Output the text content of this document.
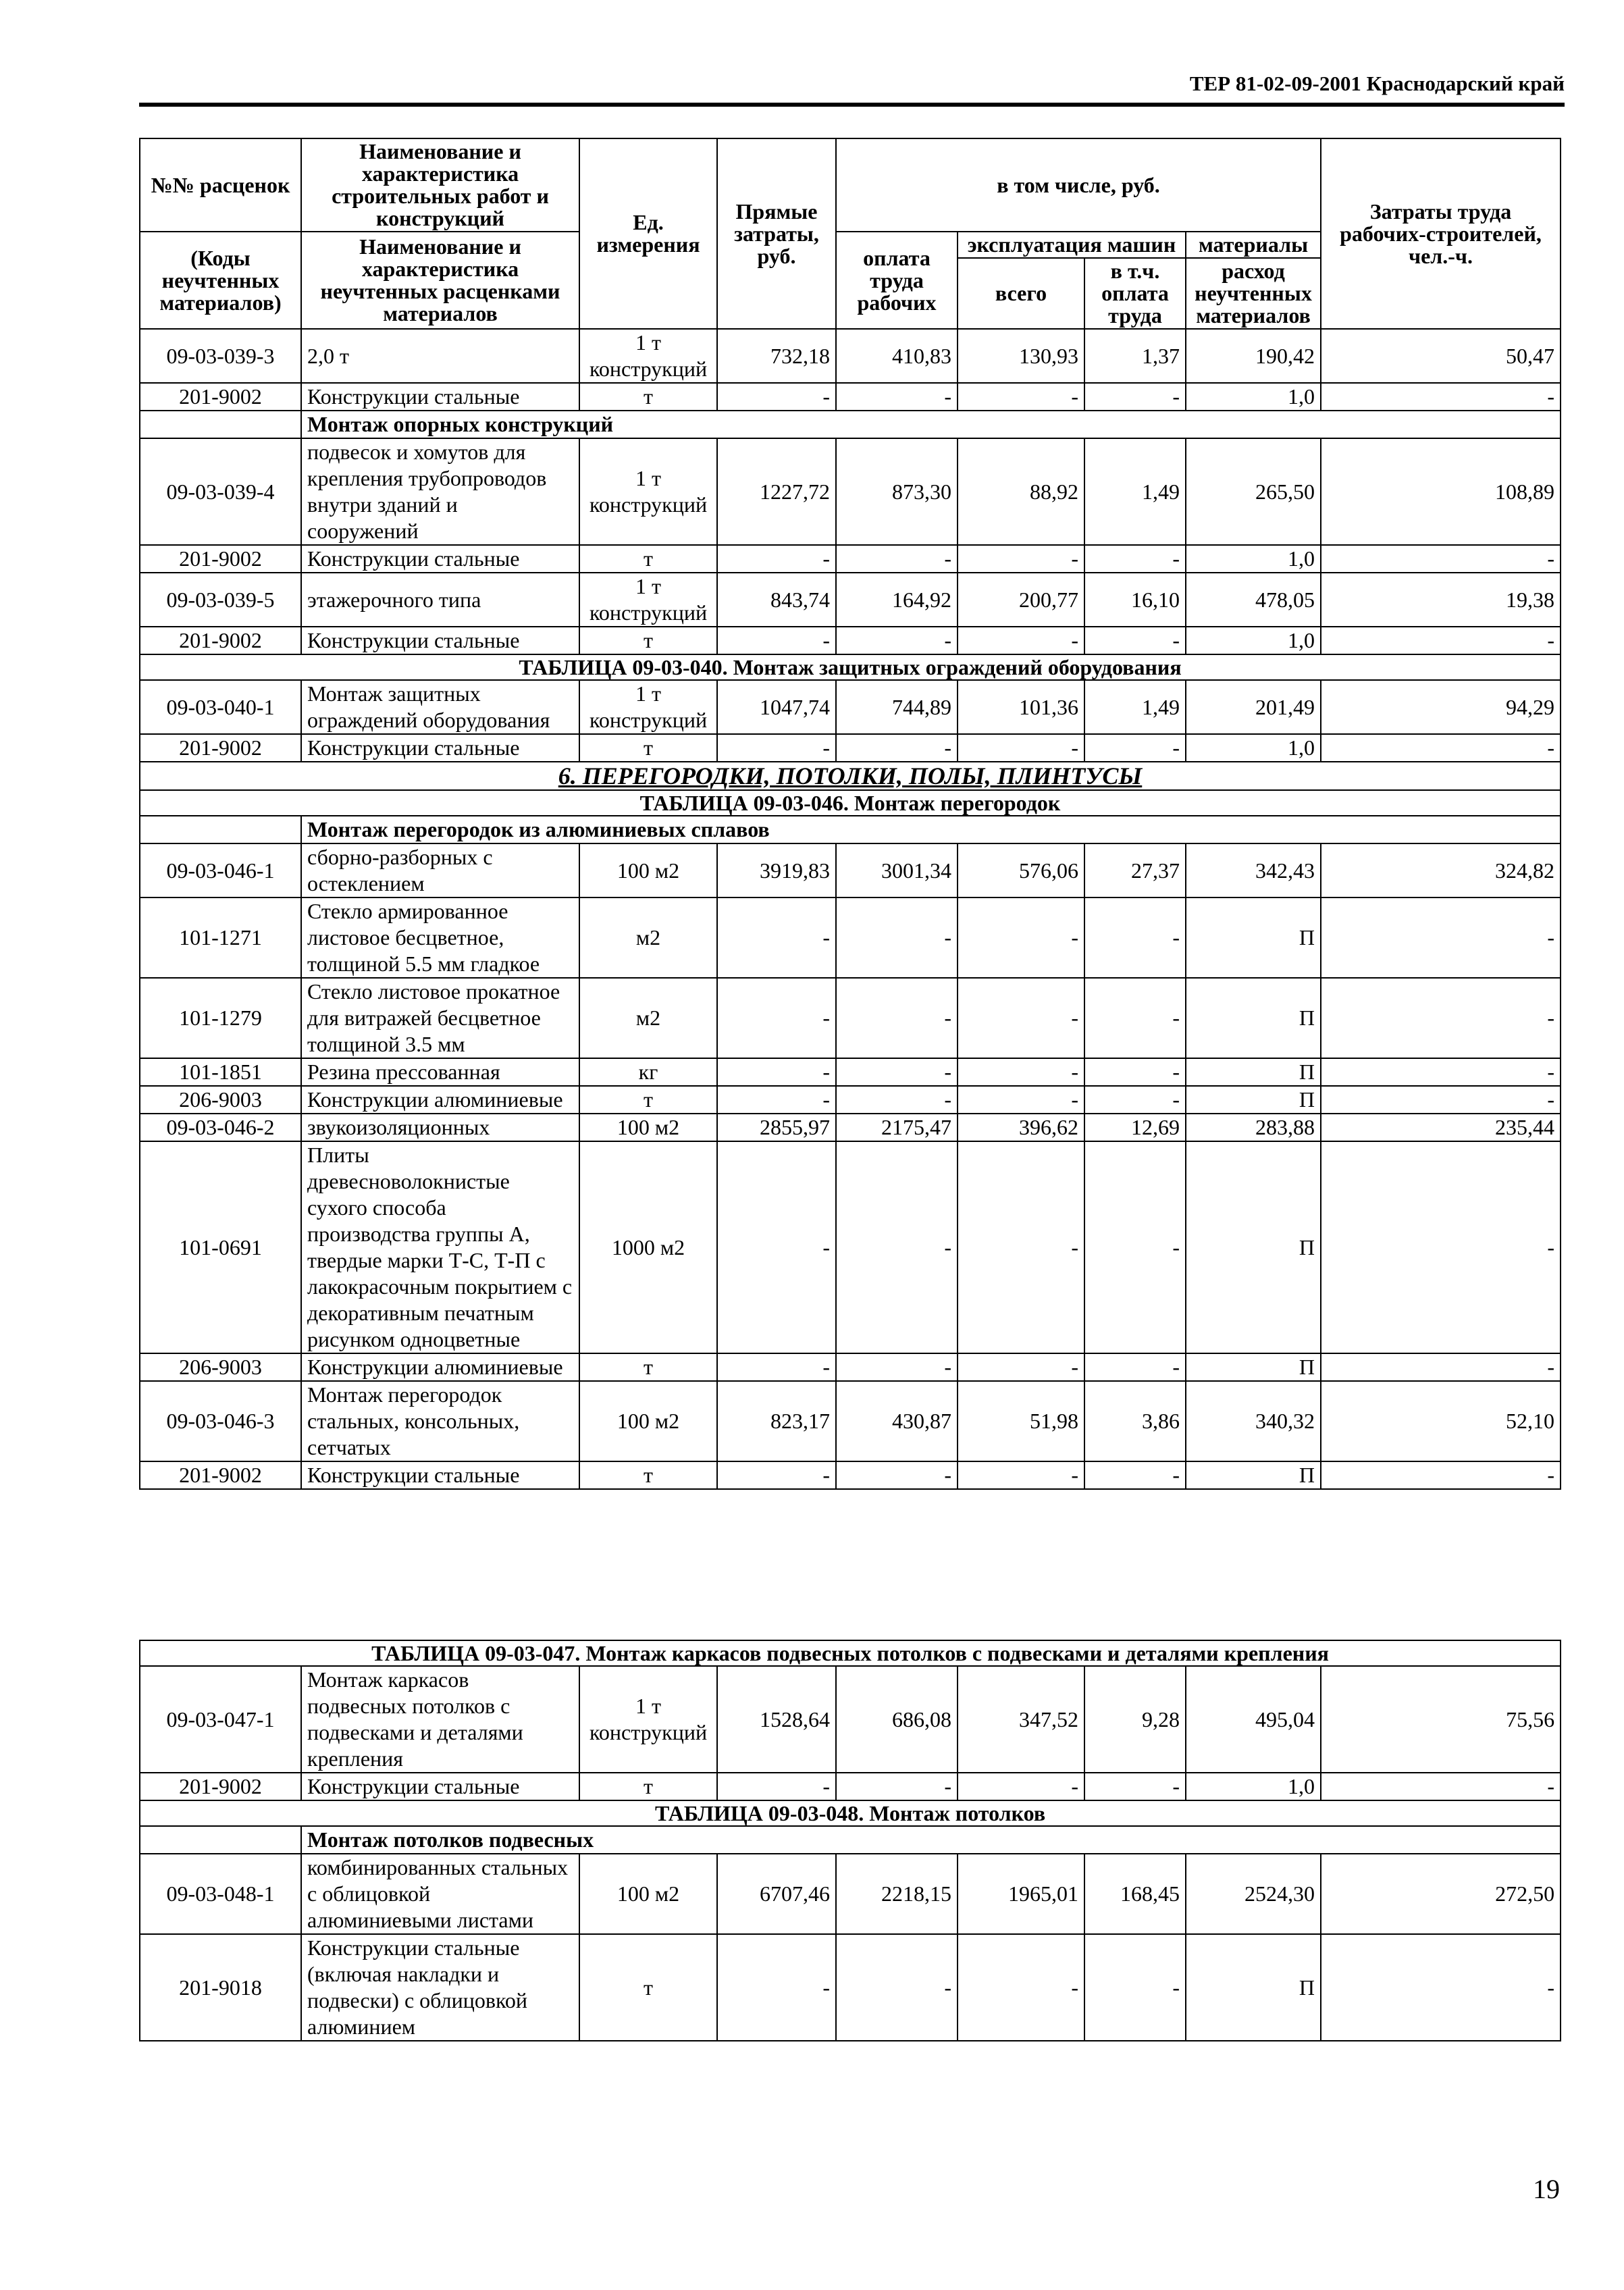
ТЕР 81-02-09-2001 Краснодарский край
№№ расценок	Наименование и характеристика строительных работ и конструкций	Ед. измерения	Прямые затраты, руб.	в том числе, руб.				Затраты труда рабочих-строителей, чел.-ч.
(Коды неучтенных материалов)	Наименование и характеристика неучтенных расценками материалов			оплата труда рабочих	эксплуатация машин		материалы	
					всего	в т.ч. оплата труда	расход неучтенных материалов	
09-03-039-3	2,0 т	1 т конструкций	732,18	410,83	130,93	1,37	190,42	50,47
201-9002	Конструкции стальные	т	-	-	-	-	1,0	-
	Монтаж опорных конструкций							
09-03-039-4	подвесок и хомутов для крепления трубопроводов внутри зданий и сооружений	1 т конструкций	1227,72	873,30	88,92	1,49	265,50	108,89
201-9002	Конструкции стальные	т	-	-	-	-	1,0	-
09-03-039-5	этажерочного типа	1 т конструкций	843,74	164,92	200,77	16,10	478,05	19,38
201-9002	Конструкции стальные	т	-	-	-	-	1,0	-
ТАБЛИЦА 09-03-040. Монтаж защитных ограждений оборудования								
09-03-040-1	Монтаж защитных ограждений оборудования	1 т конструкций	1047,74	744,89	101,36	1,49	201,49	94,29
201-9002	Конструкции стальные	т	-	-	-	-	1,0	-
6. ПЕРЕГОРОДКИ, ПОТОЛКИ, ПОЛЫ, ПЛИНТУСЫ								
ТАБЛИЦА 09-03-046. Монтаж перегородок								
	Монтаж перегородок из алюминиевых сплавов							
09-03-046-1	сборно-разборных с остеклением	100 м2	3919,83	3001,34	576,06	27,37	342,43	324,82
101-1271	Стекло армированное листовое бесцветное, толщиной 5.5 мм гладкое	м2	-	-	-	-	П	-
101-1279	Стекло листовое прокатное для витражей бесцветное толщиной 3.5 мм	м2	-	-	-	-	П	-
101-1851	Резина прессованная	кг	-	-	-	-	П	-
206-9003	Конструкции алюминиевые	т	-	-	-	-	П	-
09-03-046-2	звукоизоляционных	100 м2	2855,97	2175,47	396,62	12,69	283,88	235,44
101-0691	Плиты древесноволокнистые сухого способа производства группы А, твердые марки Т-С, Т-П с лакокрасочным покрытием с декоративным печатным рисунком одноцветные	1000 м2	-	-	-	-	П	-
206-9003	Конструкции алюминиевые	т	-	-	-	-	П	-
09-03-046-3	Монтаж перегородок стальных, консольных, сетчатых	100 м2	823,17	430,87	51,98	3,86	340,32	52,10
201-9002	Конструкции стальные	т	-	-	-	-	П	-
ТАБЛИЦА 09-03-047. Монтаж каркасов подвесных потолков с подвесками и деталями крепления								
09-03-047-1	Монтаж каркасов подвесных потолков с подвесками и деталями крепления	1 т конструкций	1528,64	686,08	347,52	9,28	495,04	75,56
201-9002	Конструкции стальные	т	-	-	-	-	1,0	-
ТАБЛИЦА 09-03-048. Монтаж потолков								
	Монтаж потолков подвесных							
09-03-048-1	комбинированных стальных с облицовкой алюминиевыми листами	100 м2	6707,46	2218,15	1965,01	168,45	2524,30	272,50
201-9018	Конструкции стальные (включая накладки и подвески) с облицовкой алюминием	т	-	-	-	-	П	-
19
